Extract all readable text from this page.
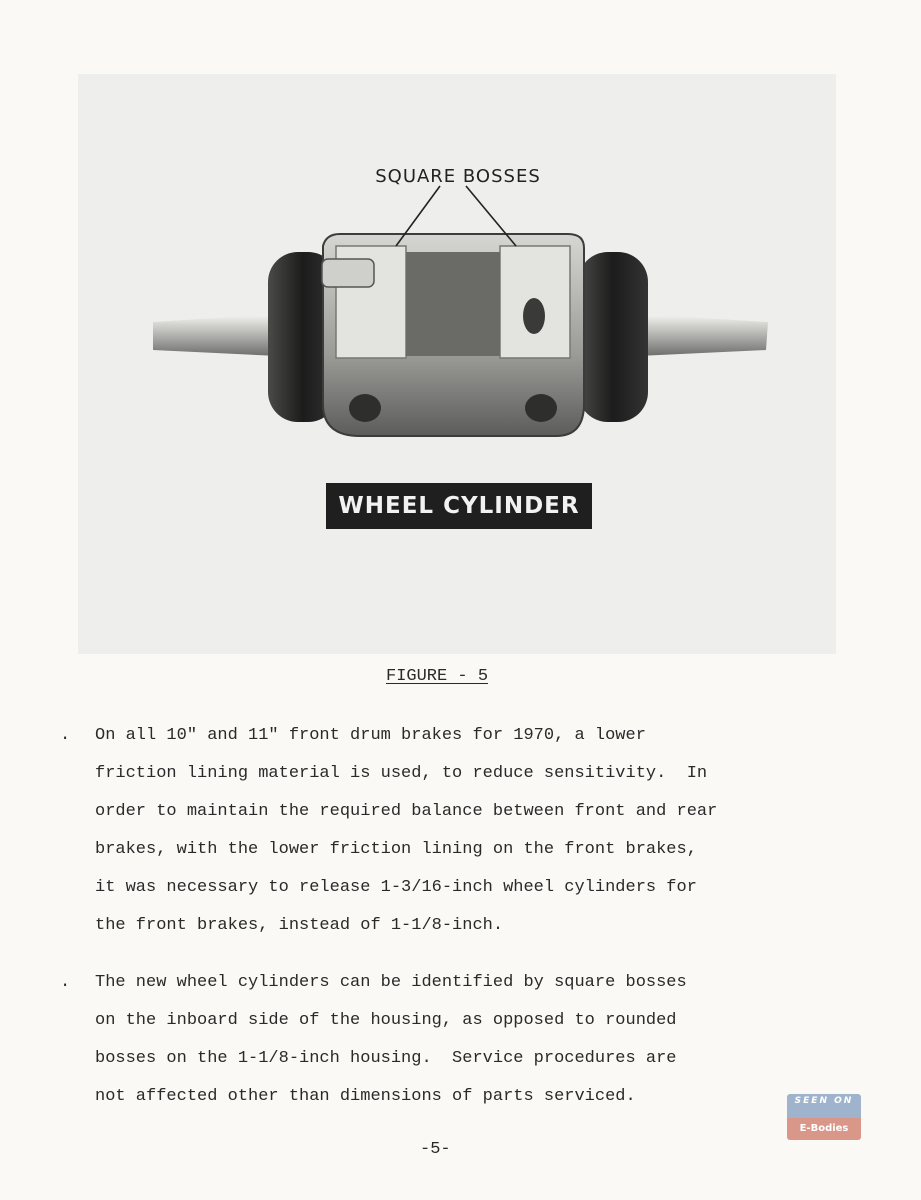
SQUARE BOSSES
WHEEL CYLINDER
FIGURE - 5
. On all 10" and 11" front drum brakes for 1970, a lower
friction lining material is used, to reduce sensitivity.  In
order to maintain the required balance between front and rear
brakes, with the lower friction lining on the front brakes,
it was necessary to release 1-3/16-inch wheel cylinders for
the front brakes, instead of 1-1/8-inch.
. The new wheel cylinders can be identified by square bosses
on the inboard side of the housing, as opposed to rounded
bosses on the 1-1/8-inch housing.  Service procedures are
not affected other than dimensions of parts serviced.
-5-
SEEN ON
E-Bodies
